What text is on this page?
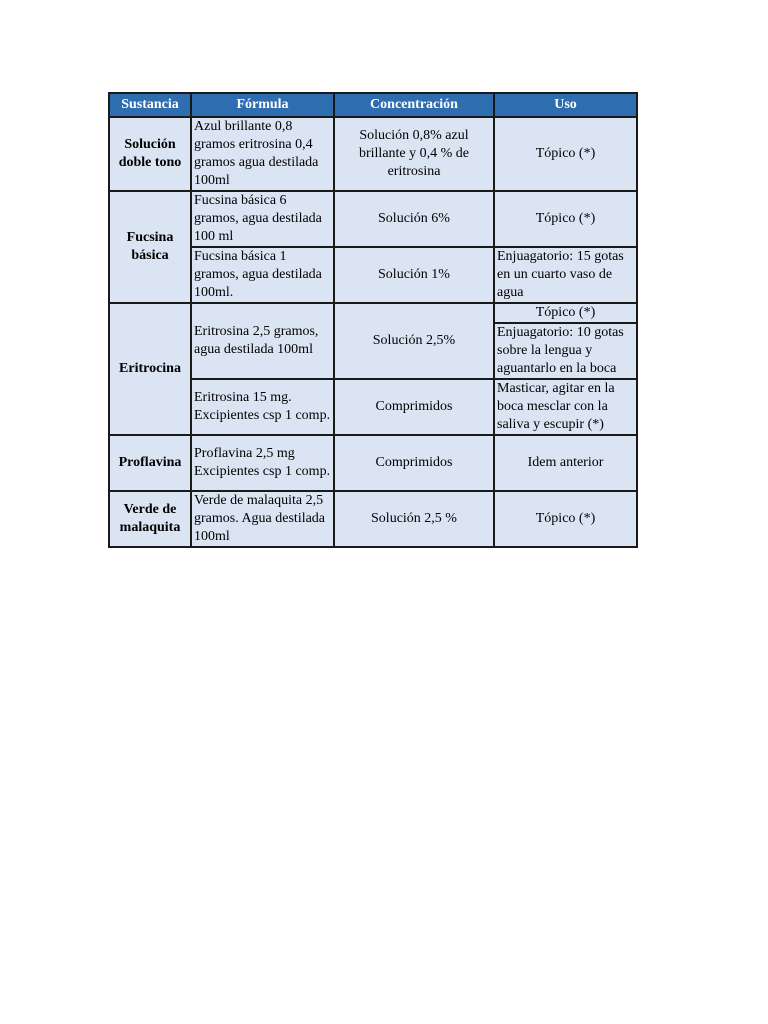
Sustancia	Fórmula	Concentración	Uso
Solución doble tono	Azul brillante 0,8 gramos eritrosina 0,4 gramos agua destilada 100ml	Solución 0,8% azul brillante y 0,4 % de eritrosina	Tópico (*)
Fucsina básica	Fucsina básica 6 gramos, agua destilada 100 ml	Solución 6%	Tópico (*)
	Fucsina básica 1 gramos, agua destilada 100ml.	Solución 1%	Enjuagatorio: 15 gotas en un cuarto vaso de agua
Eritrocina	Eritrosina 2,5 gramos, agua destilada 100ml	Solución 2,5%	Tópico (*)
			Enjuagatorio: 10 gotas sobre la lengua y aguantarlo en la boca
	Eritrosina 15 mg. Excipientes csp 1 comp.	Comprimidos	Masticar, agitar en la boca mesclar con la saliva y escupir (*)
Proflavina	Proflavina 2,5 mg Excipientes csp 1 comp.	Comprimidos	Idem anterior
Verde de malaquita	Verde de malaquita 2,5 gramos. Agua destilada 100ml	Solución 2,5 %	Tópico (*)
